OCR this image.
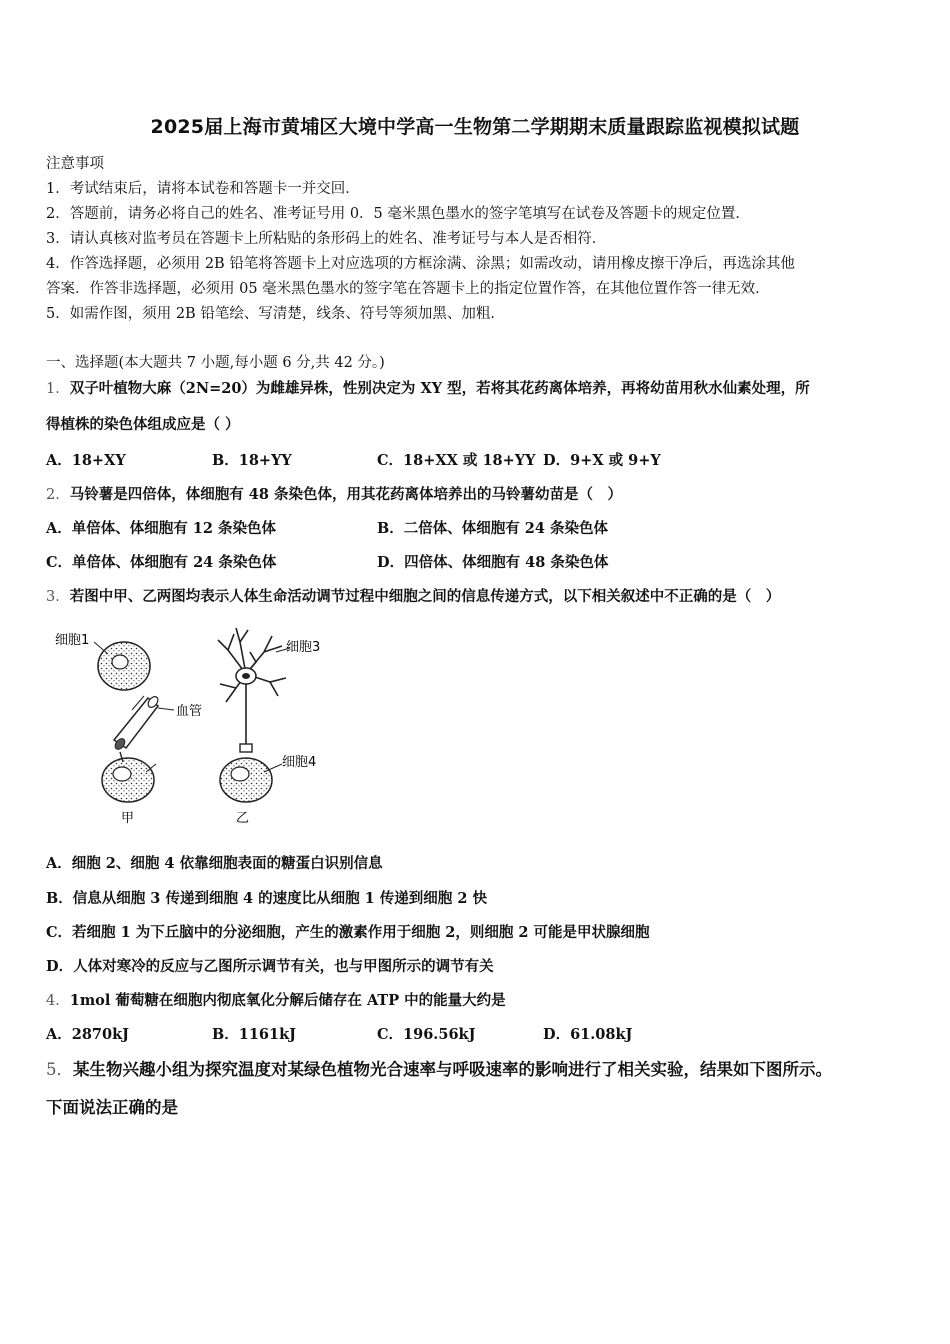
2025届上海市黄埔区大境中学高一生物第二学期期末质量跟踪监视模拟试题
注意事项
1．考试结束后，请将本试卷和答题卡一并交回．
2．答题前，请务必将自己的姓名、准考证号用 0．5 毫米黑色墨水的签字笔填写在试卷及答题卡的规定位置．
3．请认真核对监考员在答题卡上所粘贴的条形码上的姓名、准考证号与本人是否相符．
4．作答选择题，必须用 2B 铅笔将答题卡上对应选项的方框涂满、涂黑；如需改动，请用橡皮擦干净后，再选涂其他
答案．作答非选择题，必须用 05 毫米黑色墨水的签字笔在答题卡上的指定位置作答，在其他位置作答一律无效．
5．如需作图，须用 2B 铅笔绘、写清楚，线条、符号等须加黑、加粗．
一、选择题(本大题共 7 小题,每小题 6 分,共 42 分。)
1．双子叶植物大麻（2N=20）为雌雄异株，性别决定为 XY 型，若将其花药离体培养，再将幼苗用秋水仙素处理，所
得植株的染色体组成应是（ ）
A．18+XY	B．18+YY	C．18+XX 或 18+YY D．9+X 或 9+Y
2．马铃薯是四倍体，体细胞有 48 条染色体，用其花药离体培养出的马铃薯幼苗是（　）
A．单倍体、体细胞有 12 条染色体	B．二倍体、体细胞有 24 条染色体
C．单倍体、体细胞有 24 条染色体	D．四倍体、体细胞有 48 条染色体
3．若图中甲、乙两图均表示人体生命活动调节过程中细胞之间的信息传递方式，以下相关叙述中不正确的是（　）
细胞1
血管
甲
细胞3
细胞4
乙
A．细胞 2、细胞 4 依靠细胞表面的糖蛋白识别信息
B．信息从细胞 3 传递到细胞 4 的速度比从细胞 1 传递到细胞 2 快
C．若细胞 1 为下丘脑中的分泌细胞，产生的激素作用于细胞 2，则细胞 2 可能是甲状腺细胞
D．人体对寒冷的反应与乙图所示调节有关，也与甲图所示的调节有关
4．1mol 葡萄糖在细胞内彻底氧化分解后储存在 ATP 中的能量大约是
A．2870kJ	B．1161kJ	C．196.56kJ	D．61.08kJ
5．某生物兴趣小组为探究温度对某绿色植物光合速率与呼吸速率的影响进行了相关实验，结果如下图所示。
下面说法正确的是
